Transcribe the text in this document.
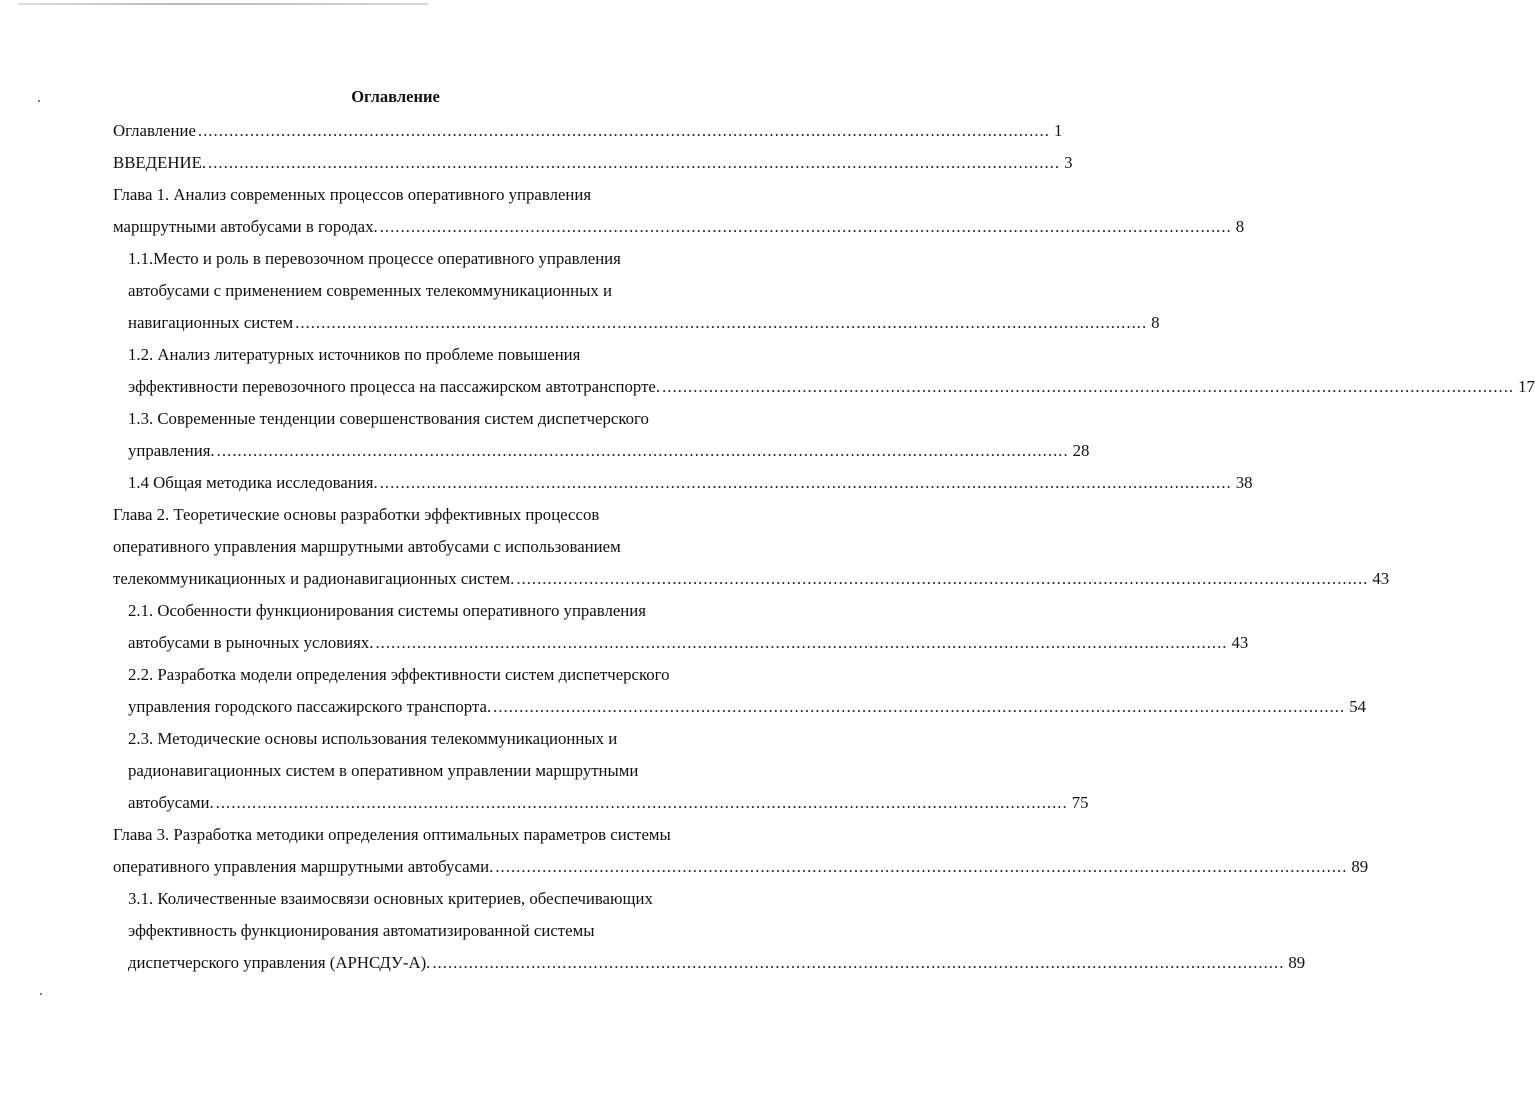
Оглавление
Оглавление .................................................................................................................................................................... 1
ВВЕДЕНИЕ. .................................................................................................................................................................... 3
Глава 1. Анализ современных процессов оперативного управления
маршрутными автобусами в городах. .................................................................................................................................................................... 8
1.1.Место и роль в перевозочном процессе оперативного управления
автобусами с применением современных телекоммуникационных и
навигационных систем .................................................................................................................................................................... 8
1.2. Анализ литературных источников по проблеме повышения
эффективности перевозочного процесса на пассажирском автотранспорте. .................................................................................................................................................................... 17
1.3. Современные тенденции совершенствования систем диспетчерского
управления. .................................................................................................................................................................... 28
1.4 Общая методика исследования. .................................................................................................................................................................... 38
Глава 2. Теоретические основы разработки эффективных процессов
оперативного управления маршрутными автобусами с использованием
телекоммуникационных и радионавигационных систем. .................................................................................................................................................................... 43
2.1. Особенности функционирования системы оперативного управления
автобусами в рыночных условиях. .................................................................................................................................................................... 43
2.2. Разработка модели определения эффективности систем диспетчерского
управления городского пассажирского транспорта. .................................................................................................................................................................... 54
2.3. Методические основы использования телекоммуникационных и
радионавигационных систем в оперативном управлении маршрутными
автобусами. .................................................................................................................................................................... 75
Глава 3. Разработка методики определения оптимальных параметров системы
оперативного управления маршрутными автобусами. .................................................................................................................................................................... 89
3.1. Количественные взаимосвязи основных критериев, обеспечивающих
эффективность функционирования автоматизированной системы
диспетчерского управления (АРНСДУ-А). .................................................................................................................................................................... 89
